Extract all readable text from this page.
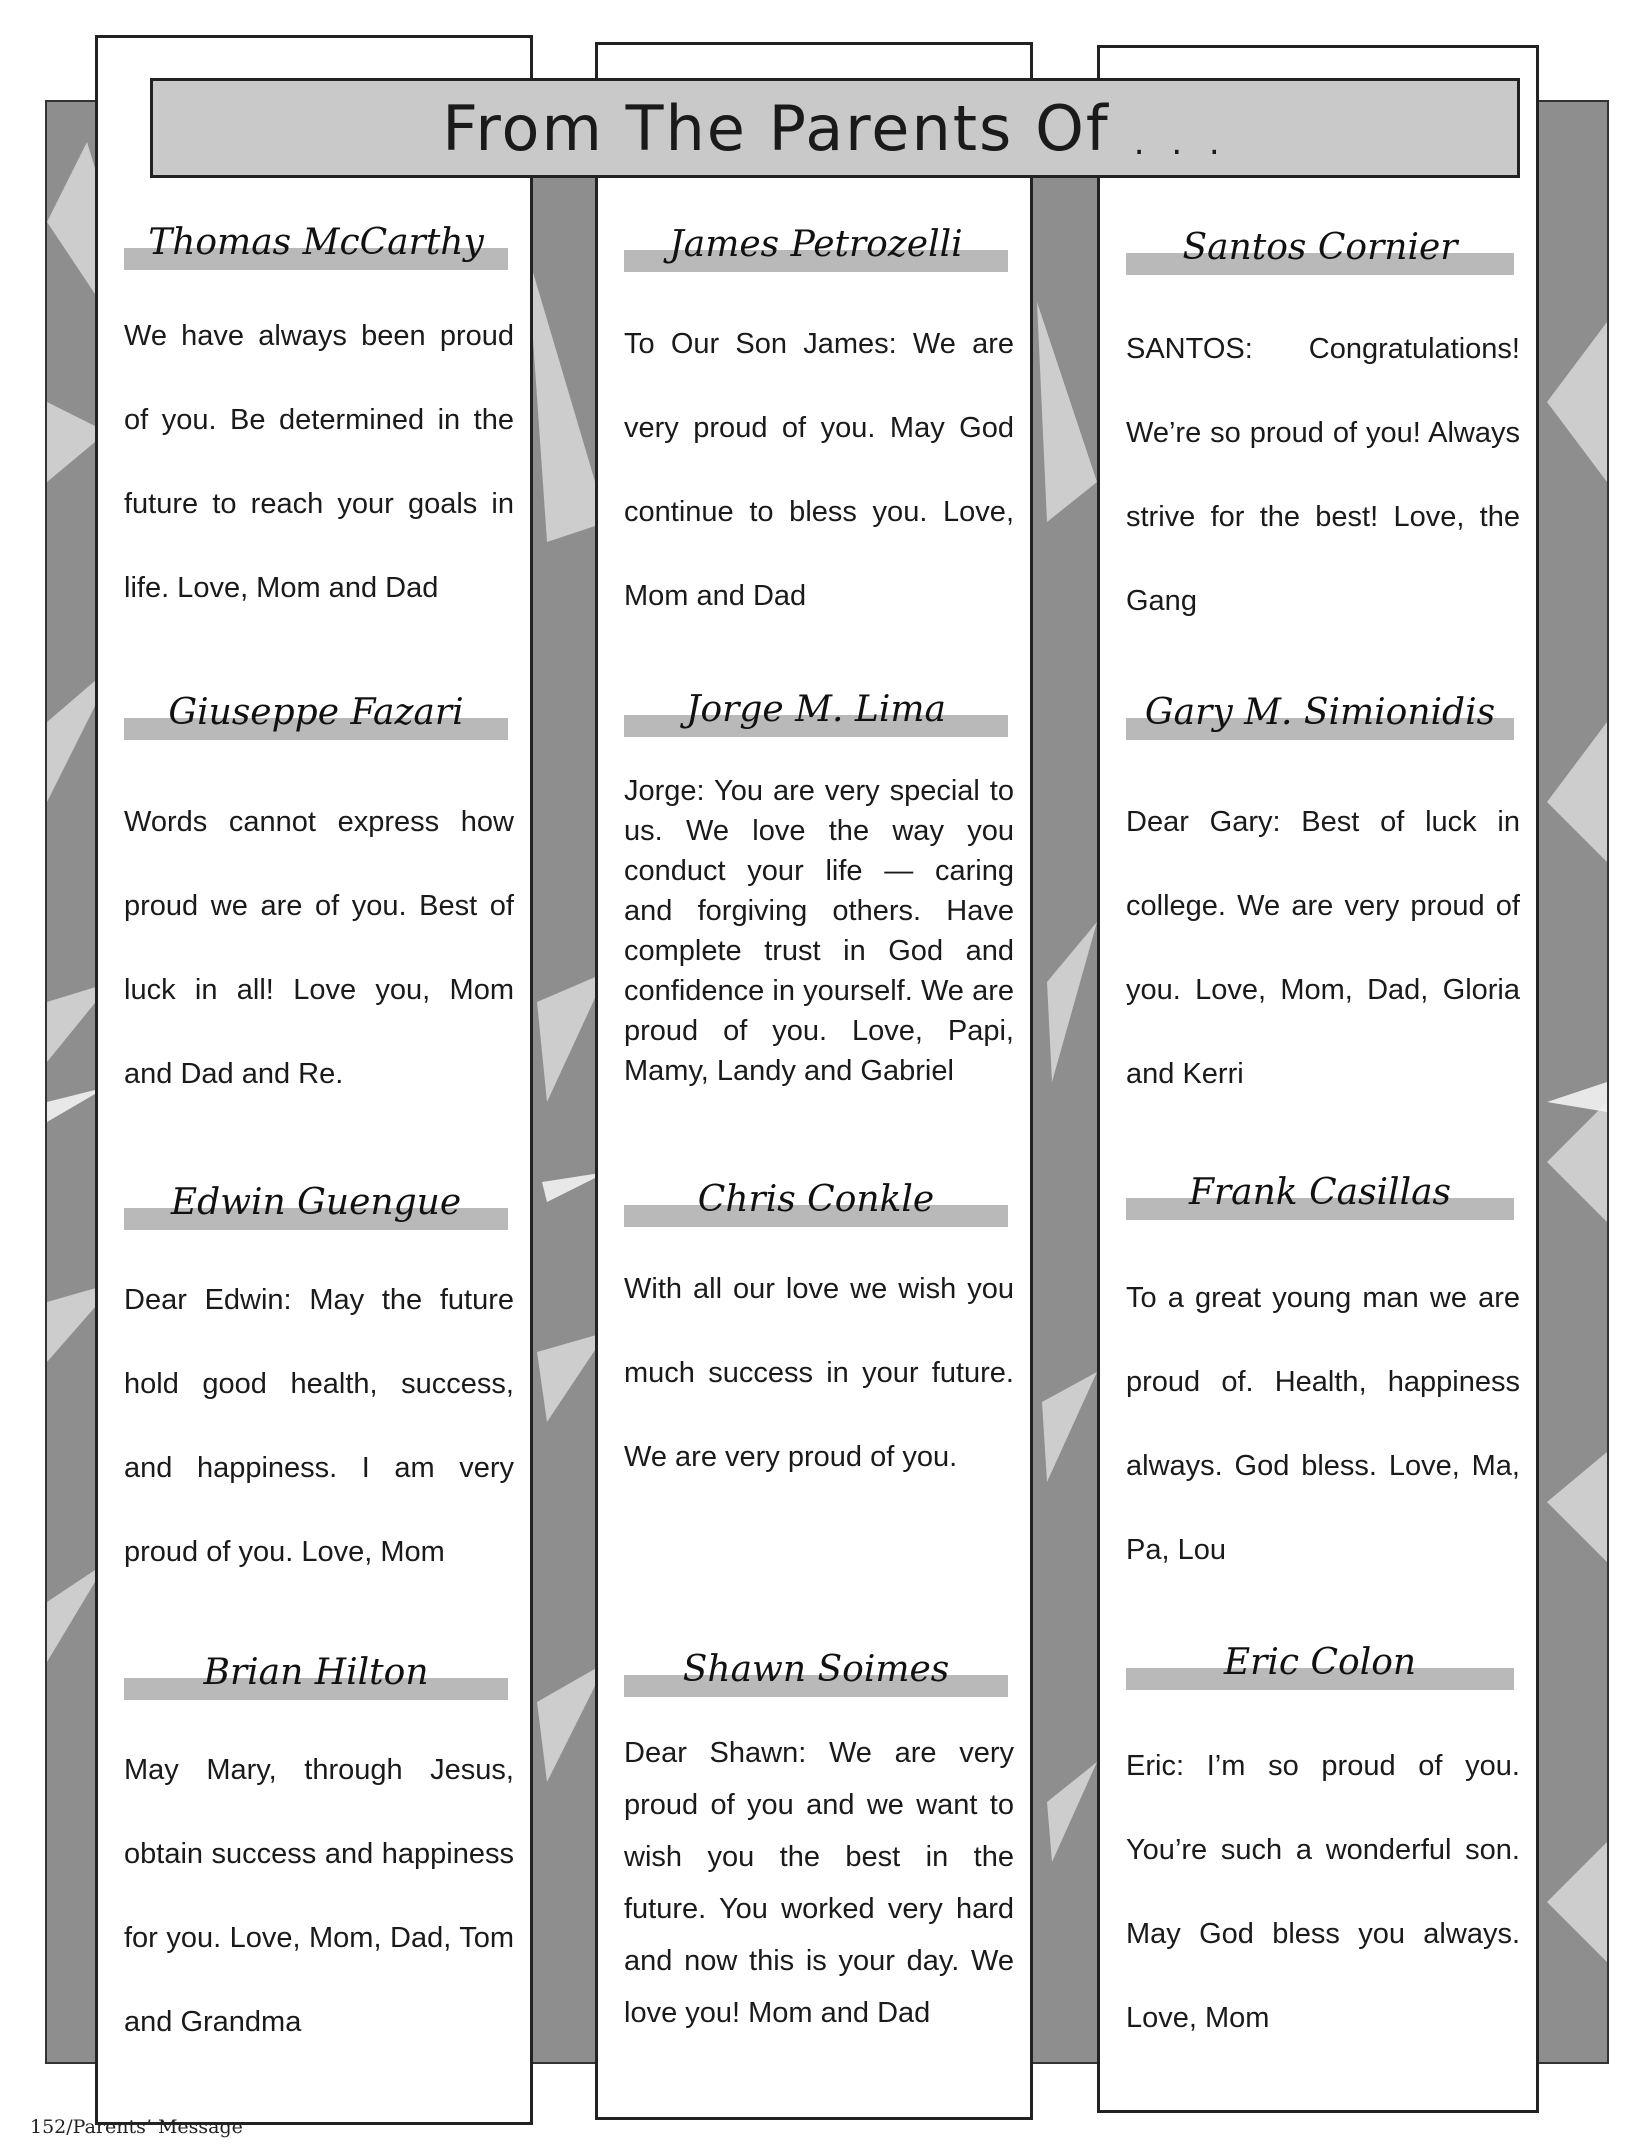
From The Parents Of . . .
Thomas McCarthy

We have always been proud of you. Be determined in the future to reach your goals in life. Love, Mom and Dad

Giuseppe Fazari

Words cannot express how proud we are of you. Best of luck in all! Love you, Mom and Dad and Re.

Edwin Guengue

Dear Edwin: May the future hold good health, success, and happiness. I am very proud of you. Love, Mom

Brian Hilton

May Mary, through Jesus, obtain success and happiness for you. Love, Mom, Dad, Tom and Grandma

James Petrozelli

To Our Son James: We are very proud of you. May God continue to bless you. Love, Mom and Dad

Jorge M. Lima

Jorge: You are very special to us. We love the way you conduct your life — caring and forgiving others. Have complete trust in God and confidence in yourself. We are proud of you. Love, Papi, Mamy, Landy and Gabriel

Chris Conkle

With all our love we wish you much success in your future. We are very proud of you.

Shawn Soimes

Dear Shawn: We are very proud of you and we want to wish you the best in the future. You worked very hard and now this is your day. We love you! Mom and Dad

Santos Cornier

SANTOS: Congratulations! We’re so proud of you! Always strive for the best! Love, the Gang

Gary M. Simionidis

Dear Gary: Best of luck in college. We are very proud of you. Love, Mom, Dad, Gloria and Kerri

Frank Casillas

To a great young man we are proud of. Health, happiness always. God bless. Love, Ma, Pa, Lou

Eric Colon

Eric: I’m so proud of you. You’re such a wonderful son. May God bless you always. Love, Mom

152/Parents’ Message
